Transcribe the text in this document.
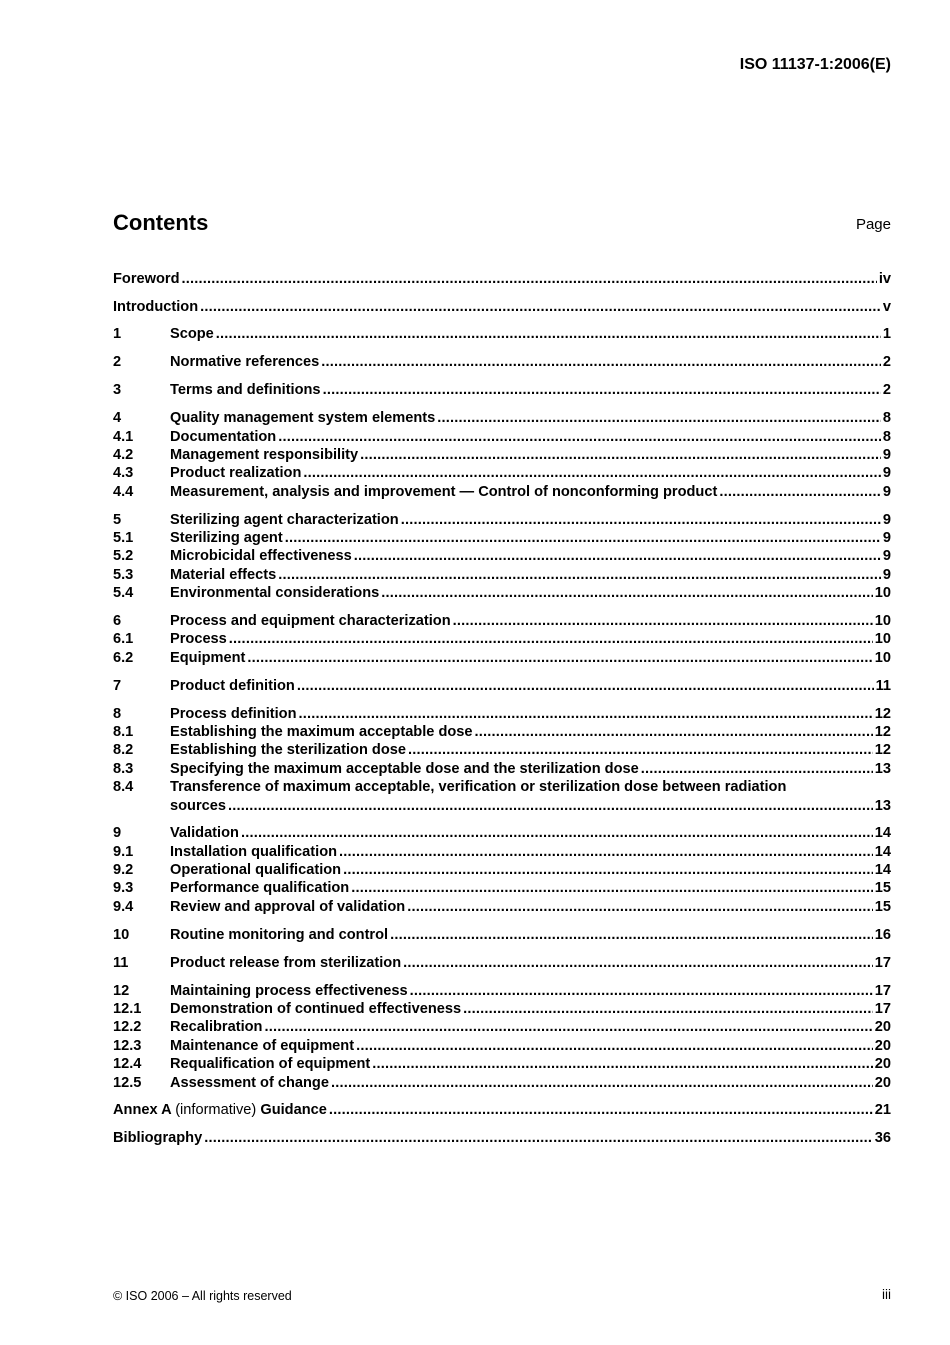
ISO 11137-1:2006(E)
Contents	Page
Foreword .....	iv
Introduction .....	v
1	Scope .....	1
2	Normative references .....	2
3	Terms and definitions .....	2
4	Quality management system elements .....	8
4.1	Documentation .....	8
4.2	Management responsibility .....	9
4.3	Product realization .....	9
4.4	Measurement, analysis and improvement — Control of nonconforming product .....	9
5	Sterilizing agent characterization .....	9
5.1	Sterilizing agent .....	9
5.2	Microbicidal effectiveness .....	9
5.3	Material effects .....	9
5.4	Environmental considerations .....	10
6	Process and equipment characterization .....	10
6.1	Process .....	10
6.2	Equipment .....	10
7	Product definition .....	11
8	Process definition .....	12
8.1	Establishing the maximum acceptable dose .....	12
8.2	Establishing the sterilization dose .....	12
8.3	Specifying the maximum acceptable dose and the sterilization dose .....	13
8.4	Transference of maximum acceptable, verification or sterilization dose between radiation
sources .....	13
9	Validation .....	14
9.1	Installation qualification .....	14
9.2	Operational qualification .....	14
9.3	Performance qualification .....	15
9.4	Review and approval of validation .....	15
10	Routine monitoring and control .....	16
11	Product release from sterilization .....	17
12	Maintaining process effectiveness .....	17
12.1	Demonstration of continued effectiveness .....	17
12.2	Recalibration .....	20
12.3	Maintenance of equipment .....	20
12.4	Requalification of equipment .....	20
12.5	Assessment of change .....	20
Annex A (informative) Guidance .....	21
Bibliography .....	36
© ISO 2006 – All rights reserved	iii
